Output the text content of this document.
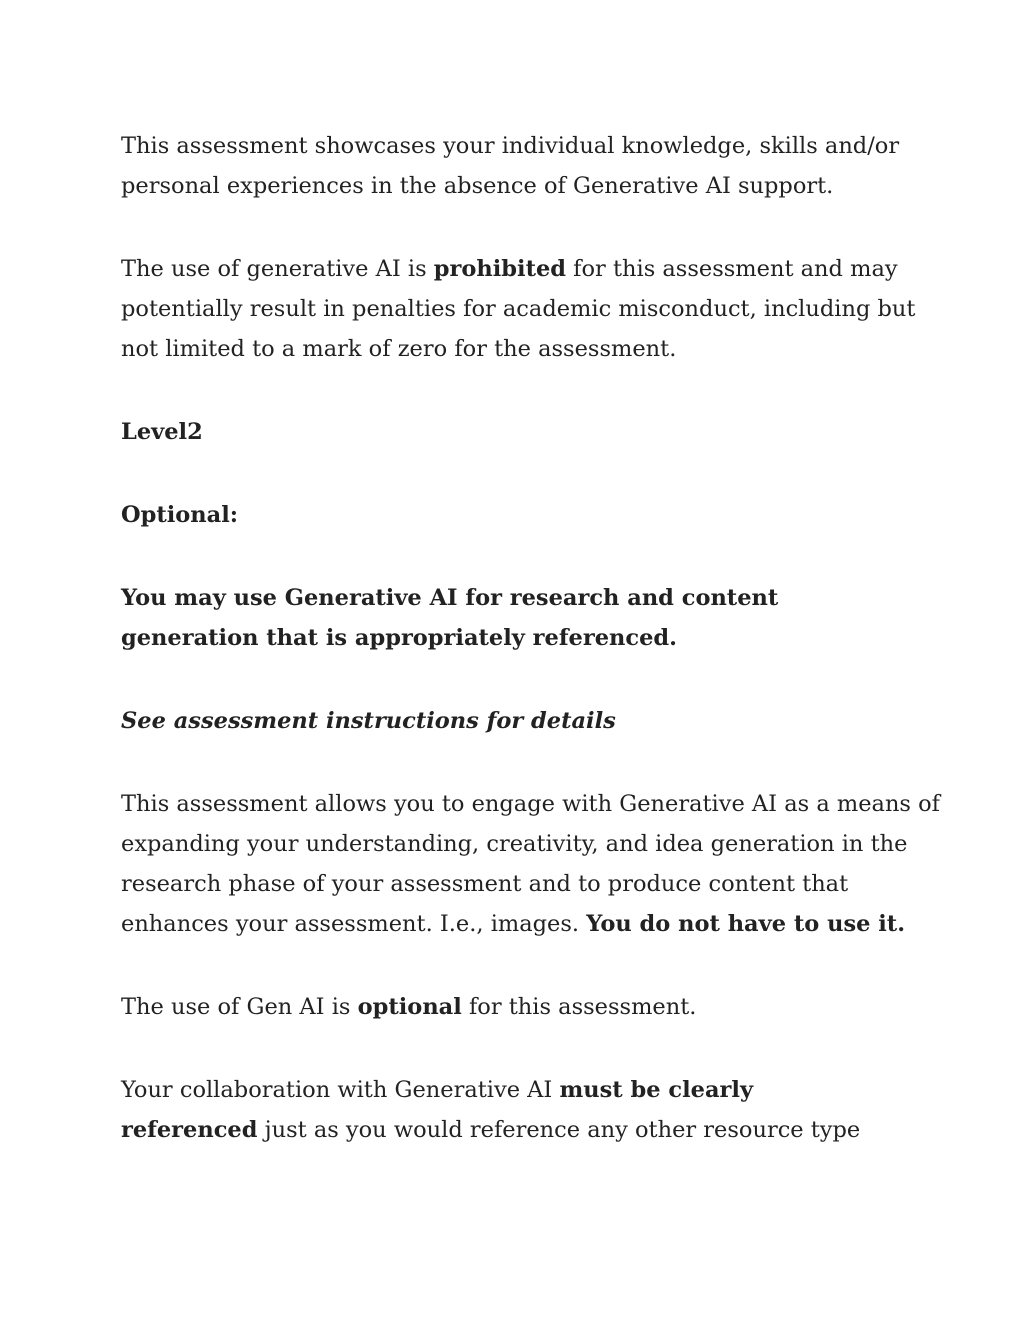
This assessment showcases your individual knowledge, skills and/or
personal experiences in the absence of Generative AI support.

The use of generative AI is prohibited for this assessment and may
potentially result in penalties for academic misconduct, including but
not limited to a mark of zero for the assessment.

Level2

Optional:

You may use Generative AI for research and content
generation that is appropriately referenced.

See assessment instructions for details

This assessment allows you to engage with Generative AI as a means of
expanding your understanding, creativity, and idea generation in the
research phase of your assessment and to produce content that
enhances your assessment. I.e., images. You do not have to use it.

The use of Gen AI is optional for this assessment.

Your collaboration with Generative AI must be clearly
referenced just as you would reference any other resource type
